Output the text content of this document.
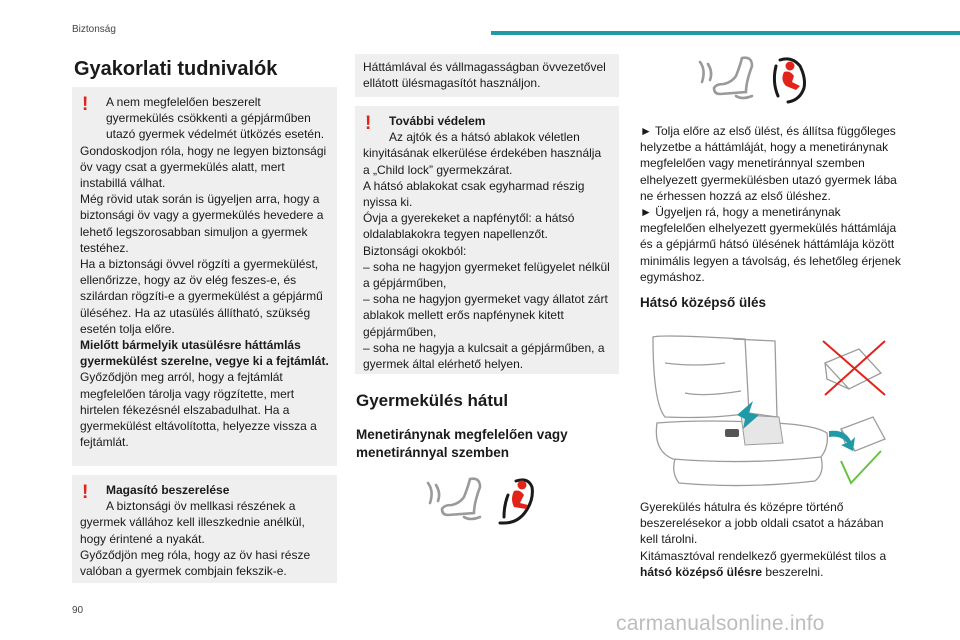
Biztonság
Gyakorlati tudnivalók
!	A nem megfelelően beszerelt

gyermekülés csökkenti a gépjárműben utazó gyermek védelmét ütközés esetén.

Gondoskodjon róla, hogy ne legyen biztonsági öv vagy csat a gyermekülés alatt, mert instabillá válhat.

Még rövid utak során is ügyeljen arra, hogy a biztonsági öv vagy a gyermekülés hevedere a lehető legszorosabban simuljon a gyermek testéhez.

Ha a biztonsági övvel rögzíti a gyermekülést, ellenőrizze, hogy az öv elég feszes-e, és szilárdan rögzíti-e a gyermekülést a gépjármű üléséhez. Ha az utasülés állítható, szükség esetén tolja előre.

Mielőtt bármelyik utasülésre háttámlás gyermekülést szerelne, vegye ki a fejtámlát.

Győződjön meg arról, hogy a fejtámlát megfelelően tárolja vagy rögzítette, mert hirtelen fékezésnél elszabadulhat. Ha a gyermekülést eltávolította, helyezze vissza a fejtámlát.

!	Magasító beszerelése

A biztonsági öv mellkasi részének a

gyermek vállához kell illeszkednie anélkül, hogy érintené a nyakát.

Győződjön meg róla, hogy az öv hasi része valóban a gyermek combjain fekszik-e.

Háttámlával és vállmagasságban övvezetővel ellátott ülésmagasítót használjon.

!	További védelem

Az ajtók és a hátsó ablakok véletlen

kinyitásának elkerülése érdekében használja a „Child lock” gyermekzárat.

A hátsó ablakokat csak egyharmad részig nyissa ki.

Óvja a gyerekeket a napfénytől: a hátsó oldalablakokra tegyen napellenzőt.

Biztonsági okokból:

– soha ne hagyjon gyermeket felügyelet nélkül a gépjárműben,

– soha ne hagyjon gyermeket vagy állatot zárt ablakok mellett erős napfénynek kitett gépjárműben,

– soha ne hagyja a kulcsait a gépjárműben, a gyermek által elérhető helyen.

Gyermekülés hátul
Menetiránynak megfelelően vagy menetiránnyal szemben
► Tolja előre az első ülést, és állítsa függőleges helyzetbe a háttámláját, hogy a menetiránynak megfelelően vagy menetiránnyal szemben elhelyezett gyermekülésben utazó gyermek lába ne érhessen hozzá az első üléshez.
► Ügyeljen rá, hogy a menetiránynak megfelelően elhelyezett gyermekülés háttámlája és a gépjármű hátsó ülésének háttámlája között minimális legyen a távolság, és lehetőleg érjenek egymáshoz.
Hátsó középső ülés
Gyerekülés hátulra és középre történő beszerelésekor a jobb oldali csatot a házában kell tárolni.
Kitámasztóval rendelkező gyermekülést tilos a hátsó középső ülésre beszerelni.
90
carmanualsonline.info
